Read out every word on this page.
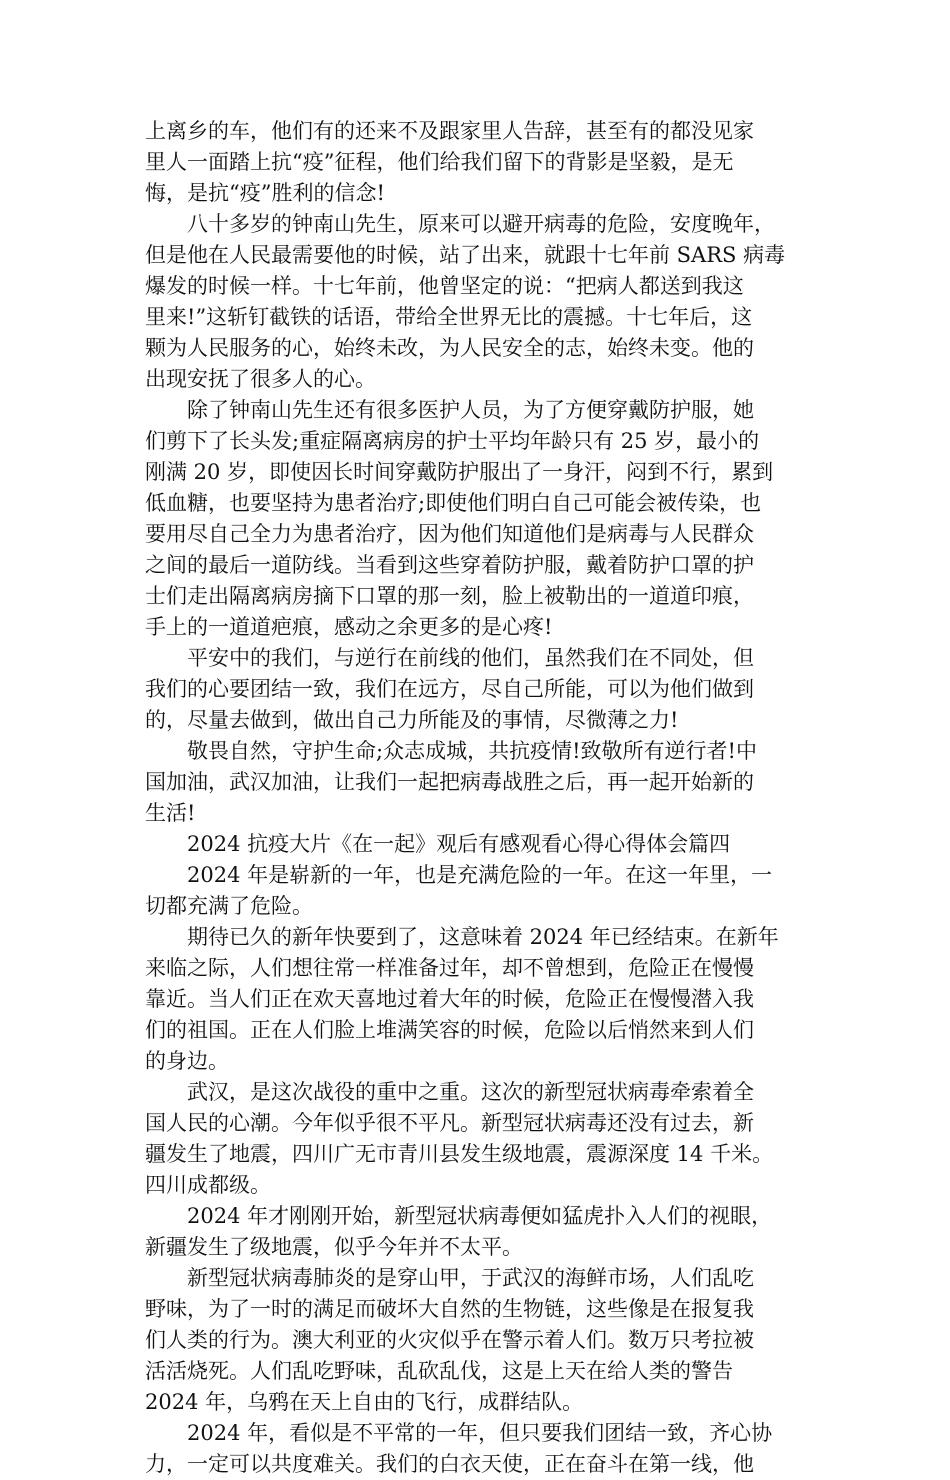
上离乡的车，他们有的还来不及跟家里人告辞，甚至有的都没见家
里人一面踏上抗“疫”征程，他们给我们留下的背影是坚毅，是无
悔，是抗“疫”胜利的信念!
八十多岁的钟南山先生，原来可以避开病毒的危险，安度晚年，
但是他在人民最需要他的时候，站了出来，就跟十七年前 SARS 病毒
爆发的时候一样。十七年前，他曾坚定的说：“把病人都送到我这
里来!”这斩钉截铁的话语，带给全世界无比的震撼。十七年后，这
颗为人民服务的心，始终未改，为人民安全的志，始终未变。他的
出现安抚了很多人的心。
除了钟南山先生还有很多医护人员，为了方便穿戴防护服，她
们剪下了长头发;重症隔离病房的护士平均年龄只有 25 岁，最小的
刚满 20 岁，即使因长时间穿戴防护服出了一身汗，闷到不行，累到
低血糖，也要坚持为患者治疗;即使他们明白自己可能会被传染，也
要用尽自己全力为患者治疗，因为他们知道他们是病毒与人民群众
之间的最后一道防线。当看到这些穿着防护服，戴着防护口罩的护
士们走出隔离病房摘下口罩的那一刻，脸上被勒出的一道道印痕，
手上的一道道疤痕，感动之余更多的是心疼!
平安中的我们，与逆行在前线的他们，虽然我们在不同处，但
我们的心要团结一致，我们在远方，尽自己所能，可以为他们做到
的，尽量去做到，做出自己力所能及的事情，尽微薄之力!
敬畏自然，守护生命;众志成城，共抗疫情!致敬所有逆行者!中
国加油，武汉加油，让我们一起把病毒战胜之后，再一起开始新的
生活!
2024 抗疫大片《在一起》观后有感观看心得心得体会篇四
2024 年是崭新的一年，也是充满危险的一年。在这一年里，一
切都充满了危险。
期待已久的新年快要到了，这意味着 2024 年已经结束。在新年
来临之际，人们想往常一样准备过年，却不曾想到，危险正在慢慢
靠近。当人们正在欢天喜地过着大年的时候，危险正在慢慢潜入我
们的祖国。正在人们脸上堆满笑容的时候，危险以后悄然来到人们
的身边。
武汉，是这次战役的重中之重。这次的新型冠状病毒牵索着全
国人民的心潮。今年似乎很不平凡。新型冠状病毒还没有过去，新
疆发生了地震，四川广无市青川县发生级地震，震源深度 14 千米。
四川成都级。
2024 年才刚刚开始，新型冠状病毒便如猛虎扑入人们的视眼，
新疆发生了级地震，似乎今年并不太平。
新型冠状病毒肺炎的是穿山甲，于武汉的海鲜市场，人们乱吃
野味，为了一时的满足而破坏大自然的生物链，这些像是在报复我
们人类的行为。澳大利亚的火灾似乎在警示着人们。数万只考拉被
活活烧死。人们乱吃野味，乱砍乱伐，这是上天在给人类的警告
2024 年，乌鸦在天上自由的飞行，成群结队。
2024 年，看似是不平常的一年，但只要我们团结一致，齐心协
力，一定可以共度难关。我们的白衣天使，正在奋斗在第一线，他
